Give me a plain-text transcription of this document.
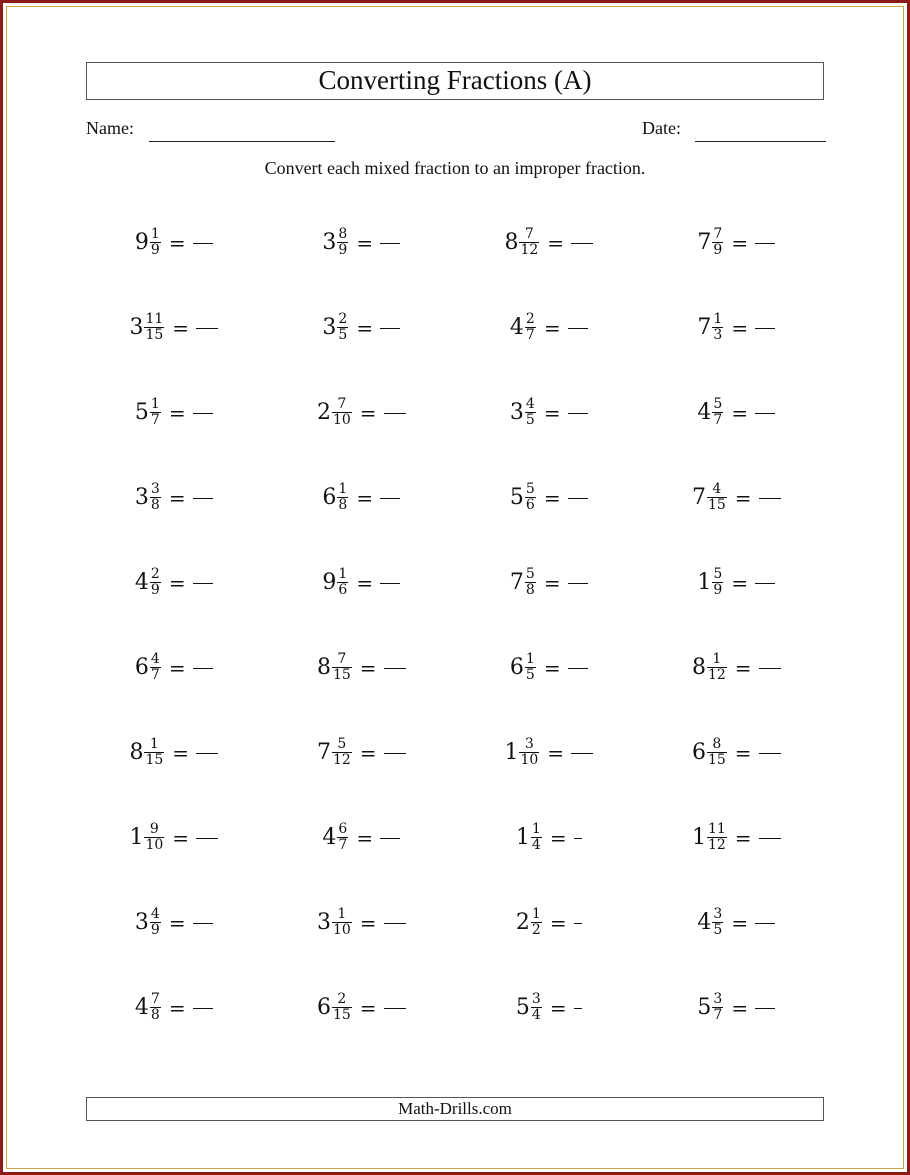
Converting Fractions (A)
Name:	Date:
Convert each mixed fraction to an improper fraction.
$9 \frac{1}{9}$ =	$3 \frac{8}{9}$ =	$8 \frac{7}{12}$ =	$7 \frac{7}{9}$ =
$3 \frac{11}{15}$ =	$3 \frac{2}{5}$ =	$4 \frac{2}{7}$ =	$7 \frac{1}{3}$ =
$5 \frac{1}{7}$ =	$2 \frac{7}{10}$ =	$3 \frac{4}{5}$ =	$4 \frac{5}{7}$ =
$3 \frac{3}{8}$ =	$6 \frac{1}{8}$ =	$5 \frac{5}{6}$ =	$7 \frac{4}{15}$ =
$4 \frac{2}{9}$ =	$9 \frac{1}{6}$ =	$7 \frac{5}{8}$ =	$1 \frac{5}{9}$ =
$6 \frac{4}{7}$ =	$8 \frac{7}{15}$ =	$6 \frac{1}{5}$ =	$8 \frac{1}{12}$ =
$8 \frac{1}{15}$ =	$7 \frac{5}{12}$ =	$1 \frac{3}{10}$ =	$6 \frac{8}{15}$ =
$1 \frac{9}{10}$ =	$4 \frac{6}{7}$ =	$1 \frac{1}{4}$ =	$1 \frac{11}{12}$ =
$3 \frac{4}{9}$ =	$3 \frac{1}{10}$ =	$2 \frac{1}{2}$ =	$4 \frac{3}{5}$ =
$4 \frac{7}{8}$ =	$6 \frac{2}{15}$ =	$5 \frac{3}{4}$ =	$5 \frac{3}{7}$ =
Math-Drills.com
